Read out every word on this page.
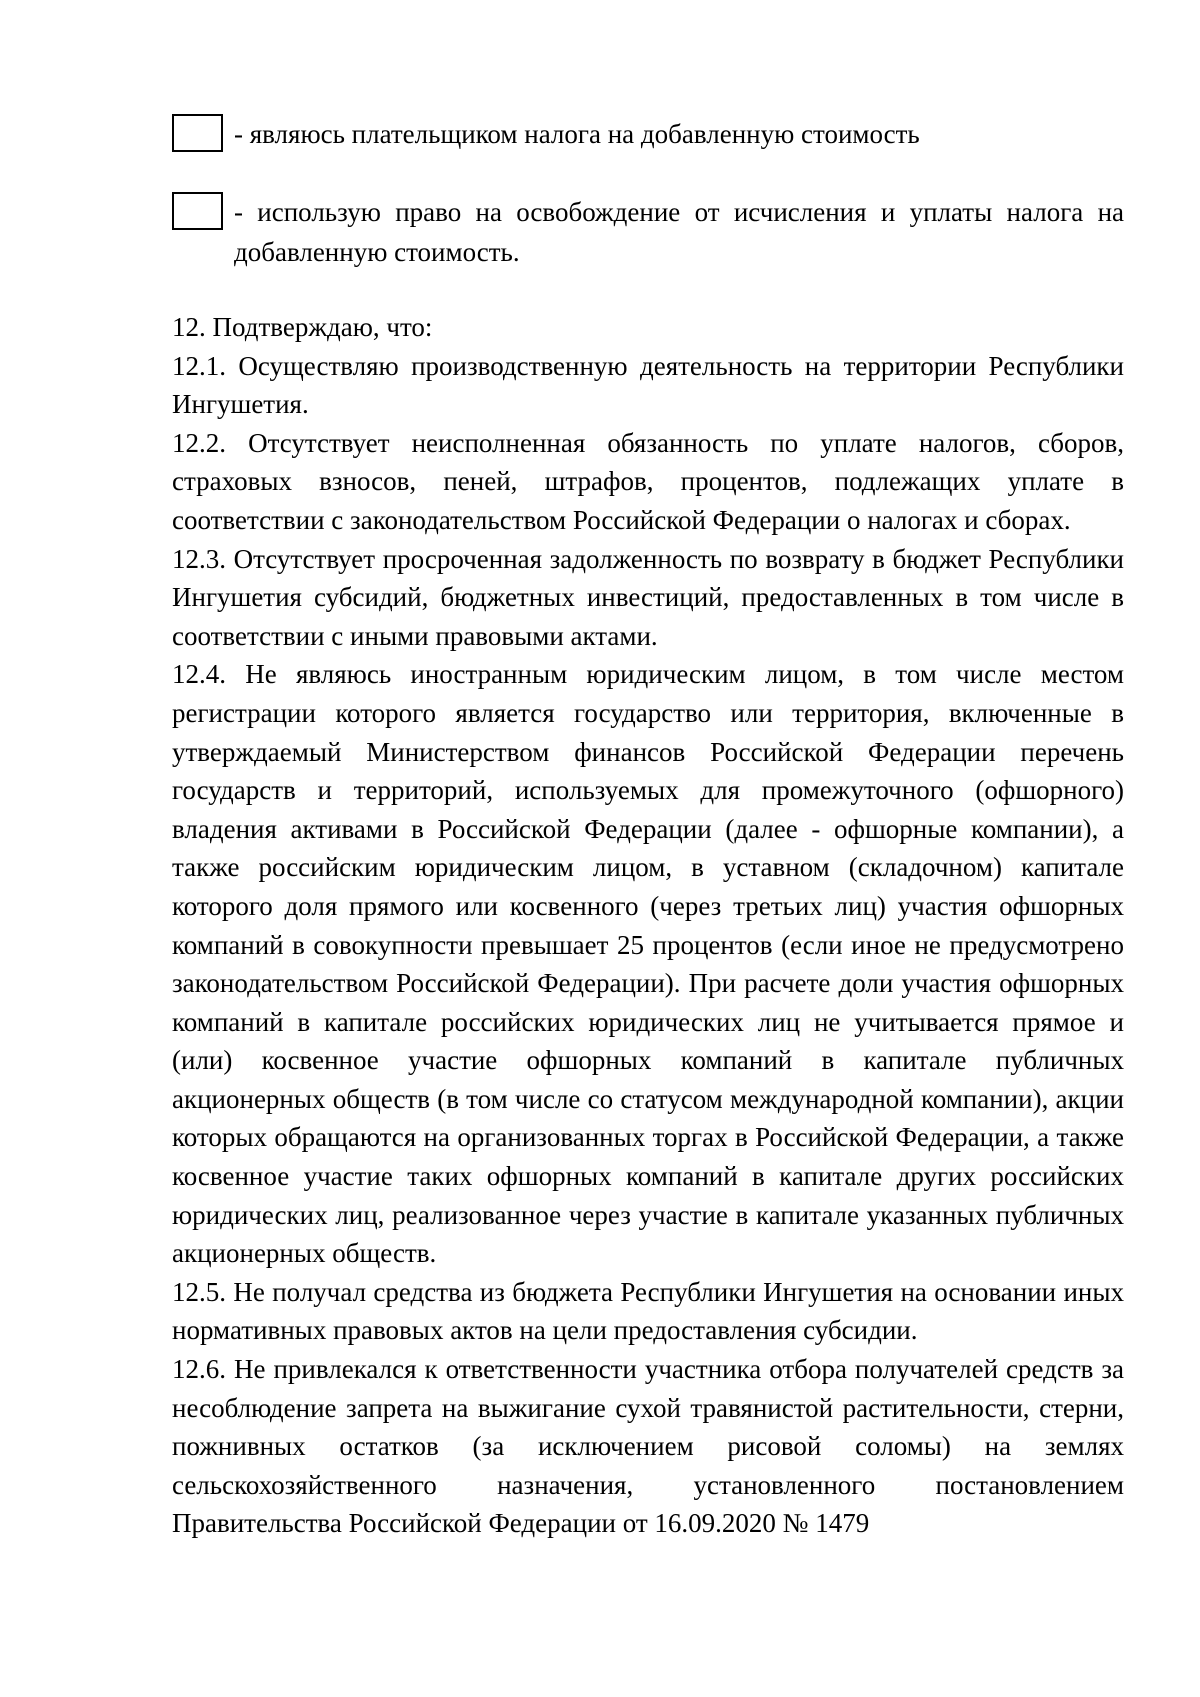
- являюсь плательщиком налога на добавленную стоимость
- использую право на освобождение от исчисления и уплаты налога на добавленную стоимость.

12. Подтверждаю, что:

12.1. Осуществляю производственную деятельность на территории Республики Ингушетия.

12.2. Отсутствует неисполненная обязанность по уплате налогов, сборов, страховых взносов, пеней, штрафов, процентов, подлежащих уплате в соответствии с законодательством Российской Федерации о налогах и сборах.

12.3. Отсутствует просроченная задолженность по возврату в бюджет Республики Ингушетия субсидий, бюджетных инвестиций, предоставленных в том числе в соответствии с иными правовыми актами.

12.4. Не являюсь иностранным юридическим лицом, в том числе местом регистрации которого является государство или территория, включенные в утверждаемый Министерством финансов Российской Федерации перечень государств и территорий, используемых для промежуточного (офшорного) владения активами в Российской Федерации (далее - офшорные компании), а также российским юридическим лицом, в уставном (складочном) капитале которого доля прямого или косвенного (через третьих лиц) участия офшорных компаний в совокупности превышает 25 процентов (если иное не предусмотрено законодательством Российской Федерации). При расчете доли участия офшорных компаний в капитале российских юридических лиц не учитывается прямое и (или) косвенное участие офшорных компаний в капитале публичных акционерных обществ (в том числе со статусом международной компании), акции которых обращаются на организованных торгах в Российской Федерации, а также косвенное участие таких офшорных компаний в капитале других российских юридических лиц, реализованное через участие в капитале указанных публичных акционерных обществ.

12.5. Не получал средства из бюджета Республики Ингушетия на основании иных нормативных правовых актов на цели предоставления субсидии.

12.6. Не привлекался к ответственности участника отбора получателей средств за несоблюдение запрета на выжигание сухой травянистой растительности, стерни, пожнивных остатков (за исключением рисовой соломы) на землях сельскохозяйственного назначения, установленного постановлением Правительства Российской Федерации от 16.09.2020 № 1479
